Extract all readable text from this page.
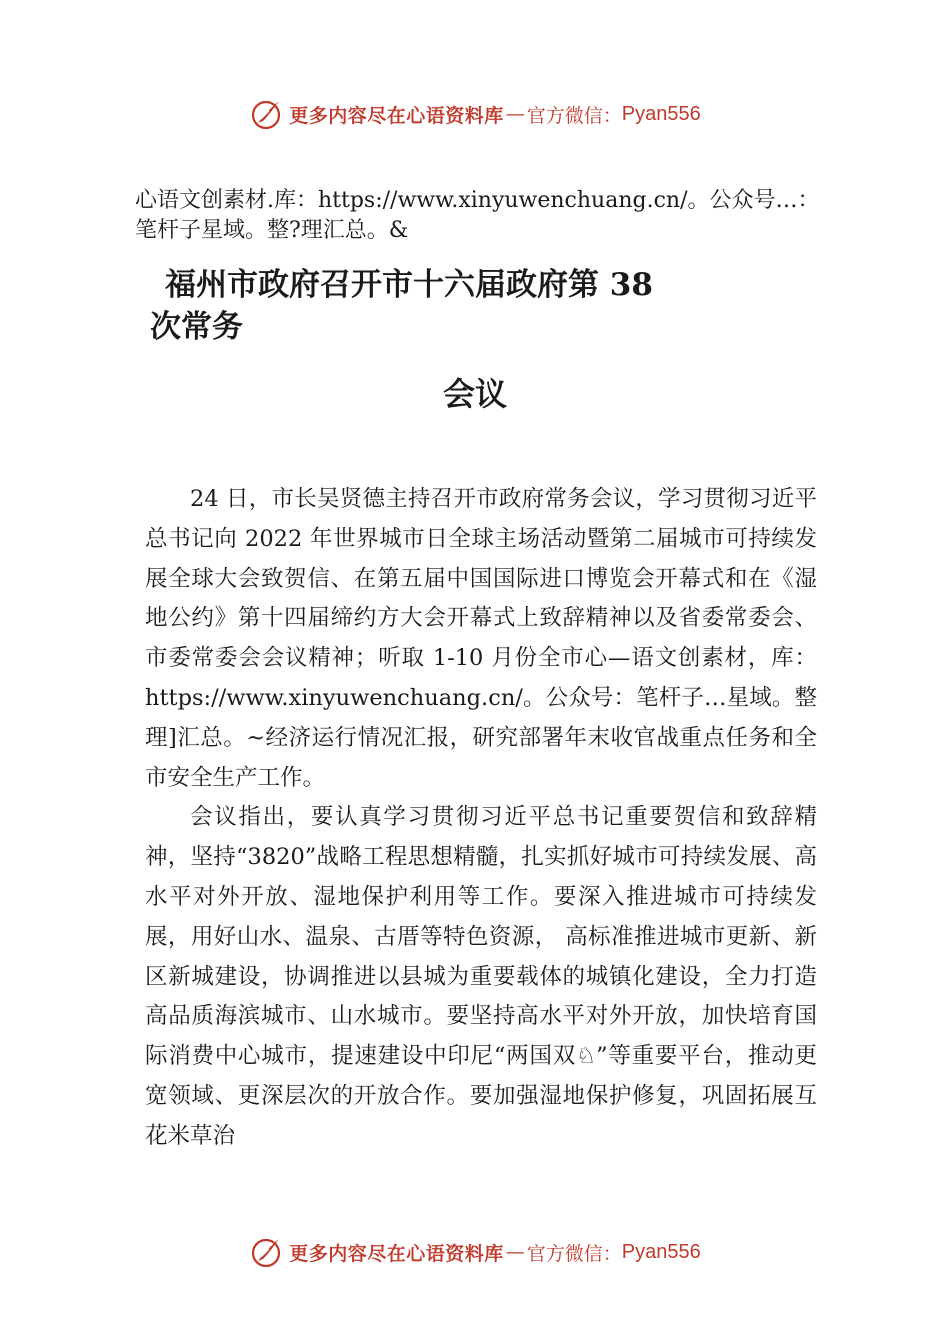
更多内容尽在心语资料库 — 官方微信： Pyan556
心语文创素材.库：https://www.xinyuwenchuang.cn/。公众号…：笔杆子星域。整?理汇总。&
福州市政府召开市十六届政府第 38
次常务
会议

24 日，市长吴贤德主持召开市政府常务会议，学习贯彻习近平总书记向 2022 年世界城市日全球主场活动暨第二届城市可持续发展全球大会致贺信、在第五届中国国际进口博览会开幕式和在《湿地公约》第十四届缔约方大会开幕式上致辞精神以及省委常委会、市委常委会会议精神；听取 1-10 月份全市心—语文创素材，库：https://www.xinyuwenchuang.cn/。公众号：笔杆子…星域。整理]汇总。~经济运行情况汇报，研究部署年末收官战重点任务和全市安全生产工作。

会议指出，要认真学习贯彻习近平总书记重要贺信和致辞精神，坚持“3820”战略工程思想精髓，扎实抓好城市可持续发展、高水平对外开放、湿地保护利用等工作。要深入推进城市可持续发展，用好山水、温泉、古厝等特色资源， 高标准推进城市更新、新区新城建设，协调推进以县城为重要载体的城镇化建设，全力打造高品质海滨城市、山水城市。要坚持高水平对外开放，加快培育国际消费中心城市，提速建设中印尼“两国双♘”等重要平台，推动更宽领域、更深层次的开放合作。要加强湿地保护修复，巩固拓展互花米草治

更多内容尽在心语资料库 — 官方微信： Pyan556
